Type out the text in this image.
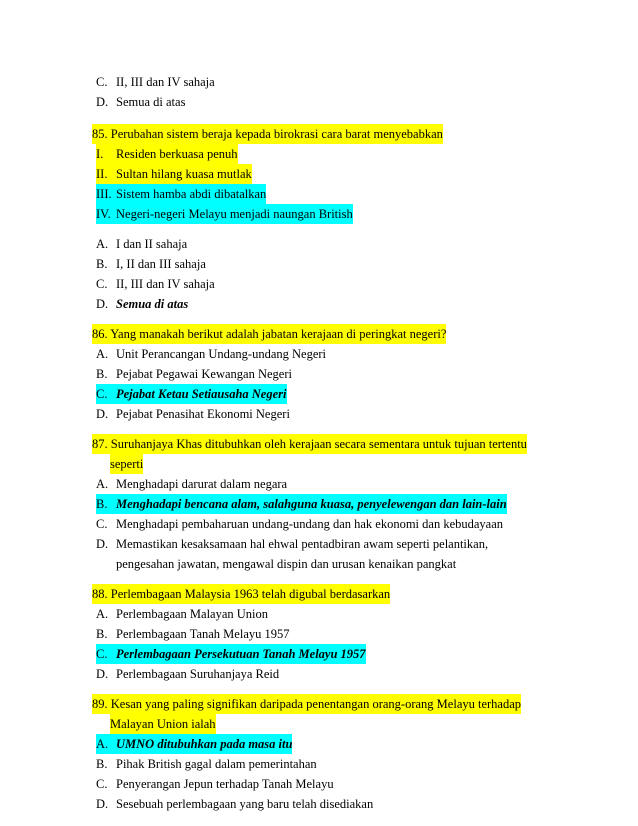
C. II, III dan IV sahaja
D. Semua di atas
85. Perubahan sistem beraja kepada birokrasi cara barat menyebabkan
I. Residen berkuasa penuh
II. Sultan hilang kuasa mutlak
III. Sistem hamba abdi dibatalkan
IV. Negeri-negeri Melayu menjadi naungan British
A. I dan II sahaja
B. I, II dan III sahaja
C. II, III dan IV sahaja
D. Semua di atas
86. Yang manakah berikut adalah jabatan kerajaan di peringkat negeri?
A. Unit Perancangan Undang-undang Negeri
B. Pejabat Pegawai Kewangan Negeri
C. Pejabat Ketau Setiausaha Negeri
D. Pejabat Penasihat Ekonomi Negeri
87. Suruhanjaya Khas ditubuhkan oleh kerajaan secara sementara untuk tujuan tertentu
seperti
A. Menghadapi darurat dalam negara
B. Menghadapi bencana alam, salahguna kuasa, penyelewengan dan lain-lain
C. Menghadapi pembaharuan undang-undang dan hak ekonomi dan kebudayaan
D. Memastikan kesaksamaan hal ehwal pentadbiran awam seperti pelantikan,
pengesahan jawatan, mengawal dispin dan urusan kenaikan pangkat
88. Perlembagaan Malaysia 1963 telah digubal berdasarkan
A. Perlembagaan Malayan Union
B. Perlembagaan Tanah Melayu 1957
C. Perlembagaan Persekutuan Tanah Melayu 1957
D. Perlembagaan Suruhanjaya Reid
89. Kesan yang paling signifikan daripada penentangan orang-orang Melayu terhadap
Malayan Union ialah
A. UMNO ditubuhkan pada masa itu
B. Pihak British gagal dalam pemerintahan
C. Penyerangan Jepun terhadap Tanah Melayu
D. Sesebuah perlembagaan yang baru telah disediakan
